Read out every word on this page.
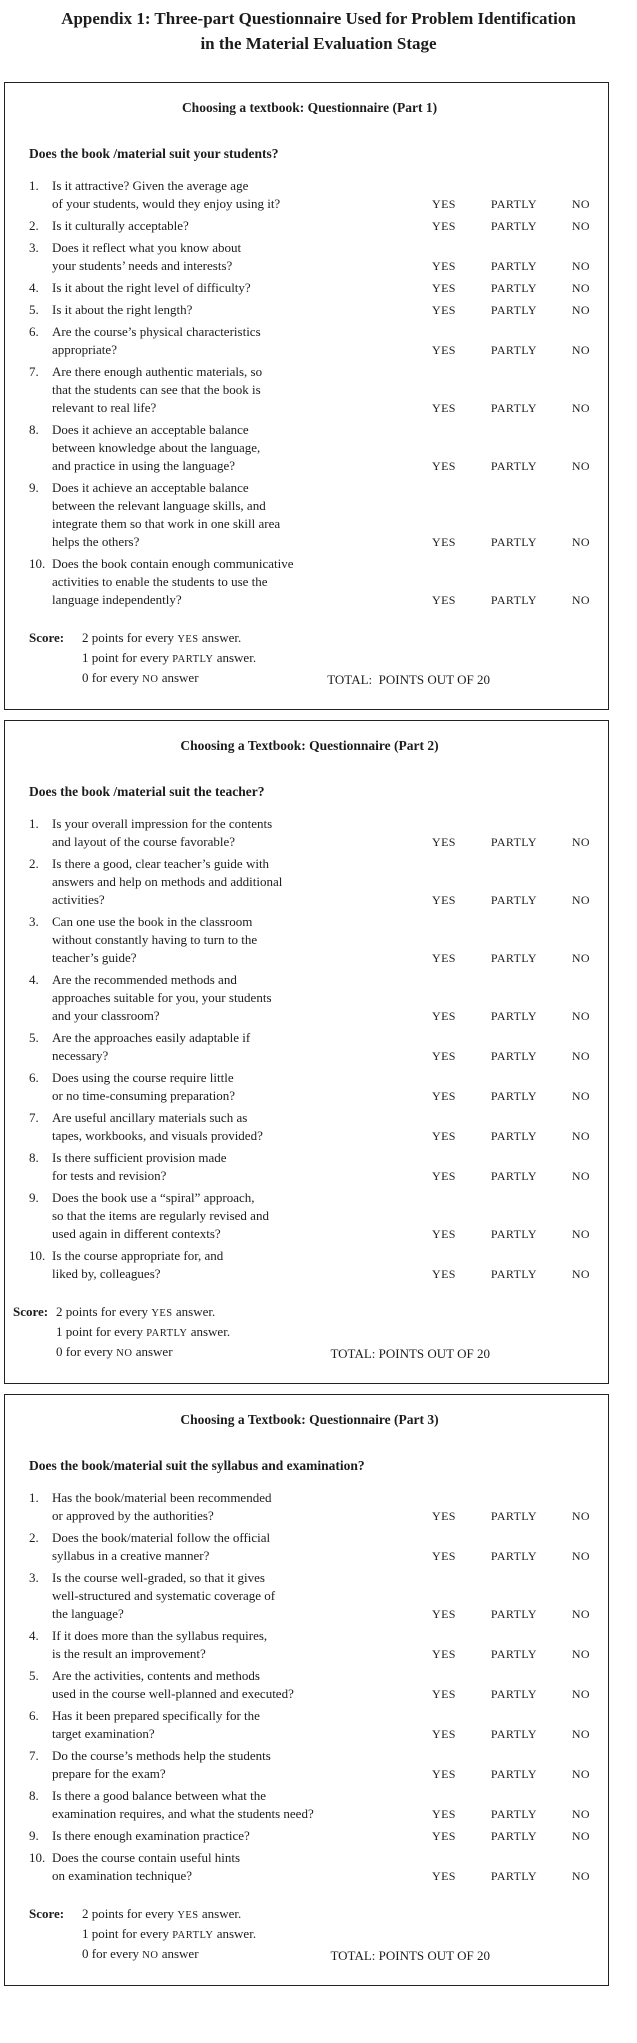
Appendix 1: Three-part Questionnaire Used for Problem Identification
in the Material Evaluation Stage
Choosing a textbook: Questionnaire (Part 1)
Does the book /material suit your students?
1.	Is it attractive? Given the average age
of your students, would they enjoy using it?	YES	PARTLY	NO
2.	Is it culturally acceptable?	YES	PARTLY	NO
3.	Does it reflect what you know about
your students’ needs and interests?	YES	PARTLY	NO
4.	Is it about the right level of difficulty?	YES	PARTLY	NO
5.	Is it about the right length?	YES	PARTLY	NO
6.	Are the course’s physical characteristics
appropriate?	YES	PARTLY	NO
7.	Are there enough authentic materials, so
that the students can see that the book is
relevant to real life?	YES	PARTLY	NO
8.	Does it achieve an acceptable balance
between knowledge about the language,
and practice in using the language?	YES	PARTLY	NO
9.	Does it achieve an acceptable balance
between the relevant language skills, and
integrate them so that work in one skill area
helps the others?	YES	PARTLY	NO
10. Does the book contain enough communicative
activities to enable the students to use the
language independently?	YES	PARTLY	NO
Score:	2 points for every YES answer.
1 point for every PARTLY answer.
0 for every NO answer	TOTAL:  POINTS OUT OF 20
Choosing a Textbook: Questionnaire (Part 2)
Does the book /material suit the teacher?
1.	Is your overall impression for the contents
and layout of the course favorable?	YES	PARTLY	NO
2.	Is there a good, clear teacher’s guide with
answers and help on methods and additional
activities?	YES	PARTLY	NO
3.	Can one use the book in the classroom
without constantly having to turn to the
teacher’s guide?	YES	PARTLY	NO
4.	Are the recommended methods and
approaches suitable for you, your students
and your classroom?	YES	PARTLY	NO
5.	Are the approaches easily adaptable if
necessary?	YES	PARTLY	NO
6.	Does using the course require little
or no time-consuming preparation?	YES	PARTLY	NO
7.	Are useful ancillary materials such as
tapes, workbooks, and visuals provided?	YES	PARTLY	NO
8.	Is there sufficient provision made
for tests and revision?	YES	PARTLY	NO
9.	Does the book use a “spiral” approach,
so that the items are regularly revised and
used again in different contexts?	YES	PARTLY	NO
10. Is the course appropriate for, and
liked by, colleagues?	YES	PARTLY	NO
Score: 2 points for every YES answer.
1 point for every PARTLY answer.
0 for every NO answer	TOTAL: POINTS OUT OF 20
Choosing a Textbook: Questionnaire (Part 3)
Does the book/material suit the syllabus and examination?
1.	Has the book/material been recommended
or approved by the authorities?	YES	PARTLY	NO
2.	Does the book/material follow the official
syllabus in a creative manner?	YES	PARTLY	NO
3.	Is the course well-graded, so that it gives
well-structured and systematic coverage of
the language?	YES	PARTLY	NO
4.	If it does more than the syllabus requires,
is the result an improvement?	YES	PARTLY	NO
5.	Are the activities, contents and methods
used in the course well-planned and executed?	YES	PARTLY	NO
6.	Has it been prepared specifically for the
target examination?	YES	PARTLY	NO
7.	Do the course’s methods help the students
prepare for the exam?	YES	PARTLY	NO
8.	Is there a good balance between what the
examination requires, and what the students need?	YES	PARTLY	NO
9.	Is there enough examination practice?	YES	PARTLY	NO
10. Does the course contain useful hints
on examination technique?	YES	PARTLY	NO
Score:	2 points for every YES answer.
1 point for every PARTLY answer.
0 for every NO answer	TOTAL: POINTS OUT OF 20
